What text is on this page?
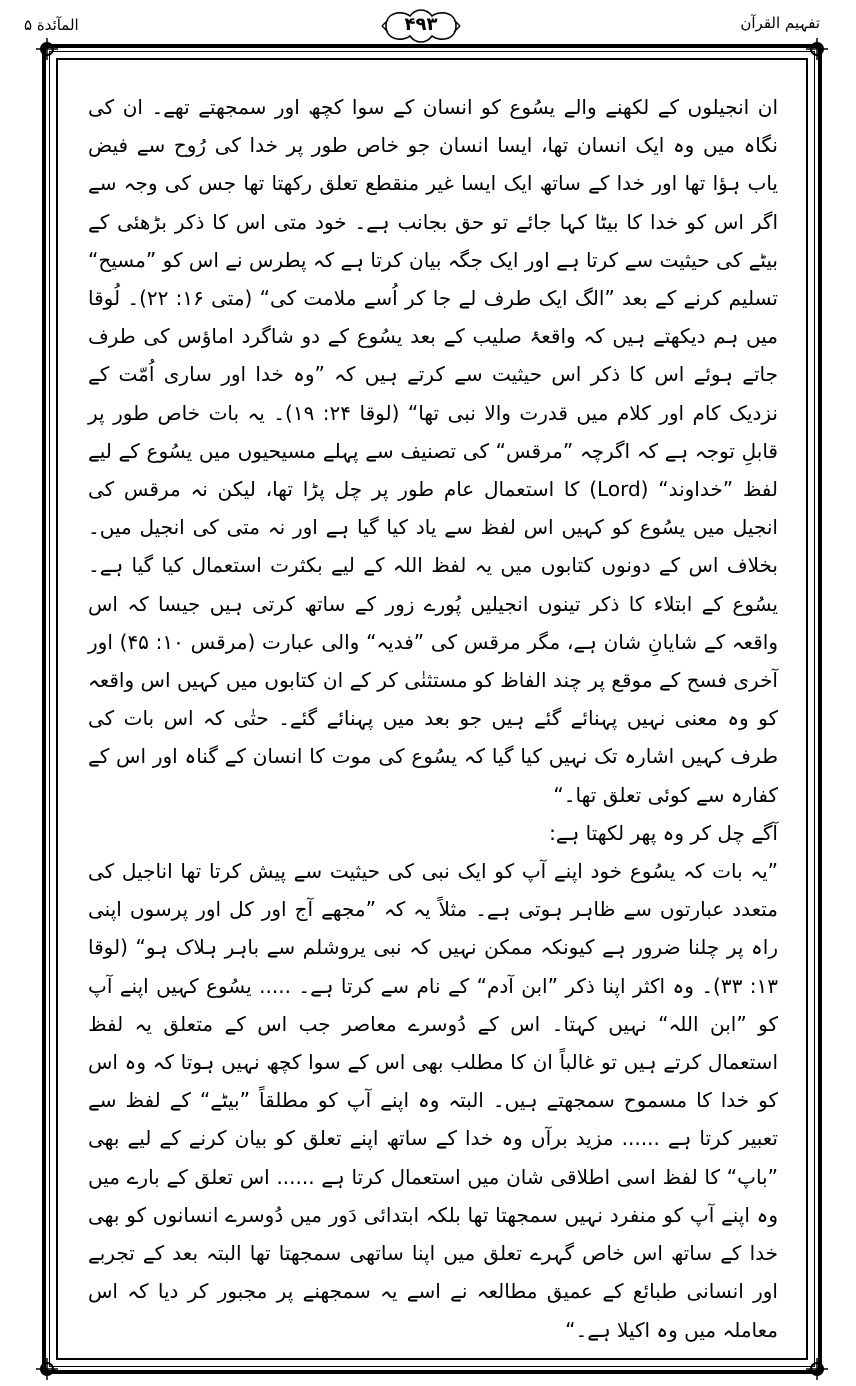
المآئدة ۵	۴۹۳	تفہیم القرآن

ان انجیلوں کے لکھنے والے یسُوع کو انسان کے سوا کچھ اور سمجھتے تھے۔ ان کی نگاہ میں وہ ایک انسان تھا، ایسا انسان جو خاص طور پر خدا کی رُوح سے فیض یاب ہؤا تھا اور خدا کے ساتھ ایک ایسا غیر منقطع تعلق رکھتا تھا جس کی وجہ سے اگر اس کو خدا کا بیٹا کہا جائے تو حق بجانب ہے۔ خود متی اس کا ذکر بڑھئی کے بیٹے کی حیثیت سے کرتا ہے اور ایک جگہ بیان کرتا ہے کہ پطرس نے اس کو ”مسیح“ تسلیم کرنے کے بعد ”الگ ایک طرف لے جا کر اُسے ملامت کی“ (متی ۱۶: ۲۲)۔ لُوقا میں ہم دیکھتے ہیں کہ واقعۂ صلیب کے بعد یسُوع کے دو شاگرد اماؤس کی طرف جاتے ہوئے اس کا ذکر اس حیثیت سے کرتے ہیں کہ ”وہ خدا اور ساری اُمّت کے نزدیک کام اور کلام میں قدرت والا نبی تھا“ (لوقا ۲۴: ۱۹)۔ یہ بات خاص طور پر قابلِ توجہ ہے کہ اگرچہ ”مرقس“ کی تصنیف سے پہلے مسیحیوں میں یسُوع کے لیے لفظ ”خداوند“ (Lord) کا استعمال عام طور پر چل پڑا تھا، لیکن نہ مرقس کی انجیل میں یسُوع کو کہیں اس لفظ سے یاد کیا گیا ہے اور نہ متی کی انجیل میں۔ بخلاف اس کے دونوں کتابوں میں یہ لفظ اللہ کے لیے بکثرت استعمال کیا گیا ہے۔ یسُوع کے ابتلاء کا ذکر تینوں انجیلیں پُورے زور کے ساتھ کرتی ہیں جیسا کہ اس واقعہ کے شایانِ شان ہے، مگر مرقس کی ”فدیہ“ والی عبارت (مرقس ۱۰: ۴۵) اور آخری فسح کے موقع پر چند الفاظ کو مستثنٰی کر کے ان کتابوں میں کہیں اس واقعہ کو وہ معنی نہیں پہنائے گئے ہیں جو بعد میں پہنائے گئے۔ حتٰی کہ اس بات کی طرف کہیں اشارہ تک نہیں کیا گیا کہ یسُوع کی موت کا انسان کے گناہ اور اس کے کفارہ سے کوئی تعلق تھا۔“

آگے چل کر وہ پھر لکھتا ہے:

”یہ بات کہ یسُوع خود اپنے آپ کو ایک نبی کی حیثیت سے پیش کرتا تھا اناجیل کی متعدد عبارتوں سے ظاہر ہوتی ہے۔ مثلاً یہ کہ ”مجھے آج اور کل اور پرسوں اپنی راہ پر چلنا ضرور ہے کیونکہ ممکن نہیں کہ نبی یروشلم سے باہر ہلاک ہو“ (لوقا ۱۳: ۳۳)۔ وہ اکثر اپنا ذکر ”ابن آدم“ کے نام سے کرتا ہے۔ ..... یسُوع کہیں اپنے آپ کو ”ابن اللہ“ نہیں کہتا۔ اس کے دُوسرے معاصر جب اس کے متعلق یہ لفظ استعمال کرتے ہیں تو غالباً ان کا مطلب بھی اس کے سوا کچھ نہیں ہوتا کہ وہ اس کو خدا کا مسموح سمجھتے ہیں۔ البتہ وہ اپنے آپ کو مطلقاً ”بیٹے“ کے لفظ سے تعبیر کرتا ہے ...... مزید برآں وہ خدا کے ساتھ اپنے تعلق کو بیان کرنے کے لیے بھی ”باپ“ کا لفظ اسی اطلاقی شان میں استعمال کرتا ہے ...... اس تعلق کے بارے میں وہ اپنے آپ کو منفرد نہیں سمجھتا تھا بلکہ ابتدائی دَور میں دُوسرے انسانوں کو بھی خدا کے ساتھ اس خاص گہرے تعلق میں اپنا ساتھی سمجھتا تھا البتہ بعد کے تجربے اور انسانی طبائع کے عمیق مطالعہ نے اسے یہ سمجھنے پر مجبور کر دیا کہ اس معاملہ میں وہ اکیلا ہے۔“
